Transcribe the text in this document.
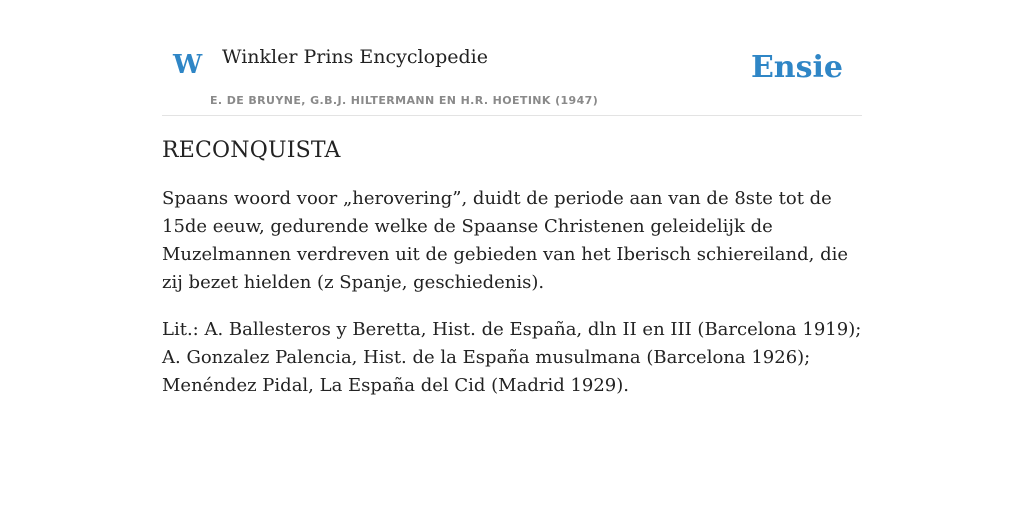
W Winkler Prins Encyclopedie
E. DE BRUYNE, G.B.J. HILTERMANN EN H.R. HOETINK (1947)
Ensie
RECONQUISTA

Spaans woord voor „herovering”, duidt de periode aan van de 8ste tot de 15de eeuw, gedurende welke de Spaanse Christenen geleidelijk de Muzelmannen verdreven uit de gebieden van het Iberisch schiereiland, die zij bezet hielden (z Spanje, geschiedenis).

Lit.: A. Ballesteros y Beretta, Hist. de España, dln II en III (Barcelona 1919); A. Gonzalez Palencia, Hist. de la España musulmana (Barcelona 1926); Menéndez Pidal, La España del Cid (Madrid 1929).
